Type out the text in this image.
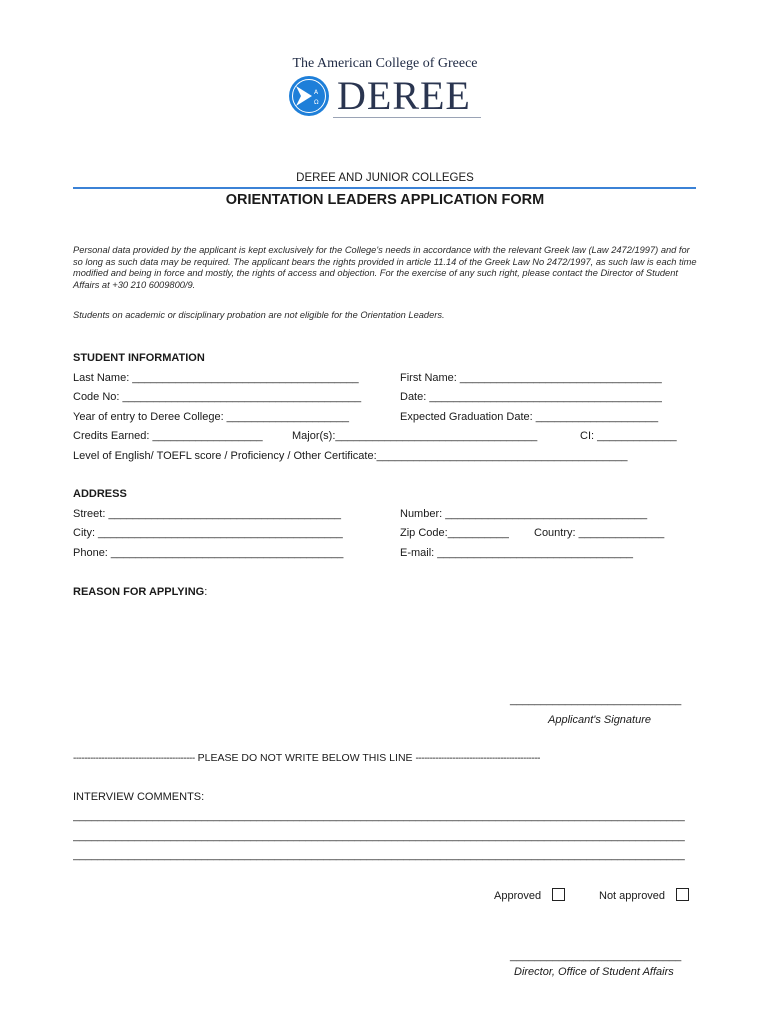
The American College of Greece
A
Ω DEREE
DEREE AND JUNIOR COLLEGES
ORIENTATION LEADERS APPLICATION FORM
Personal data provided by the applicant is kept exclusively for the College's needs in accordance with the relevant Greek law (Law 2472/1997) and for so long as such data may be required. The applicant bears the rights provided in article 11.14 of the Greek Law No 2472/1997, as such law is each time modified and being in force and mostly, the rights of access and objection. For the exercise of any such right, please contact the Director of Student Affairs at +30 210 6009800/9.
Students on academic or disciplinary probation are not eligible for the Orientation Leaders.
STUDENT INFORMATION
Last Name: _____________________________________	First Name: _________________________________
Code No: _______________________________________	Date: ______________________________________
Year of entry to Deree College: ____________________	Expected Graduation Date: ____________________
Credits Earned: __________________	Major(s):_________________________________	CI: _____________
Level of English/ TOEFL score / Proficiency / Other Certificate:_________________________________________
ADDRESS
Street: ______________________________________	Number: _________________________________
City: ________________________________________	Zip Code:__________ Country: ______________
Phone: ______________________________________	E-mail: ________________________________
REASON FOR APPLYING:
____________________________
Applicant's Signature
------------------------------------------- PLEASE DO NOT WRITE BELOW THIS LINE --------------------------------------------
INTERVIEW COMMENTS:
____________________________________________________________________________________________________
____________________________________________________________________________________________________
____________________________________________________________________________________________________
Approved	Not approved
____________________________
Director, Office of Student Affairs
